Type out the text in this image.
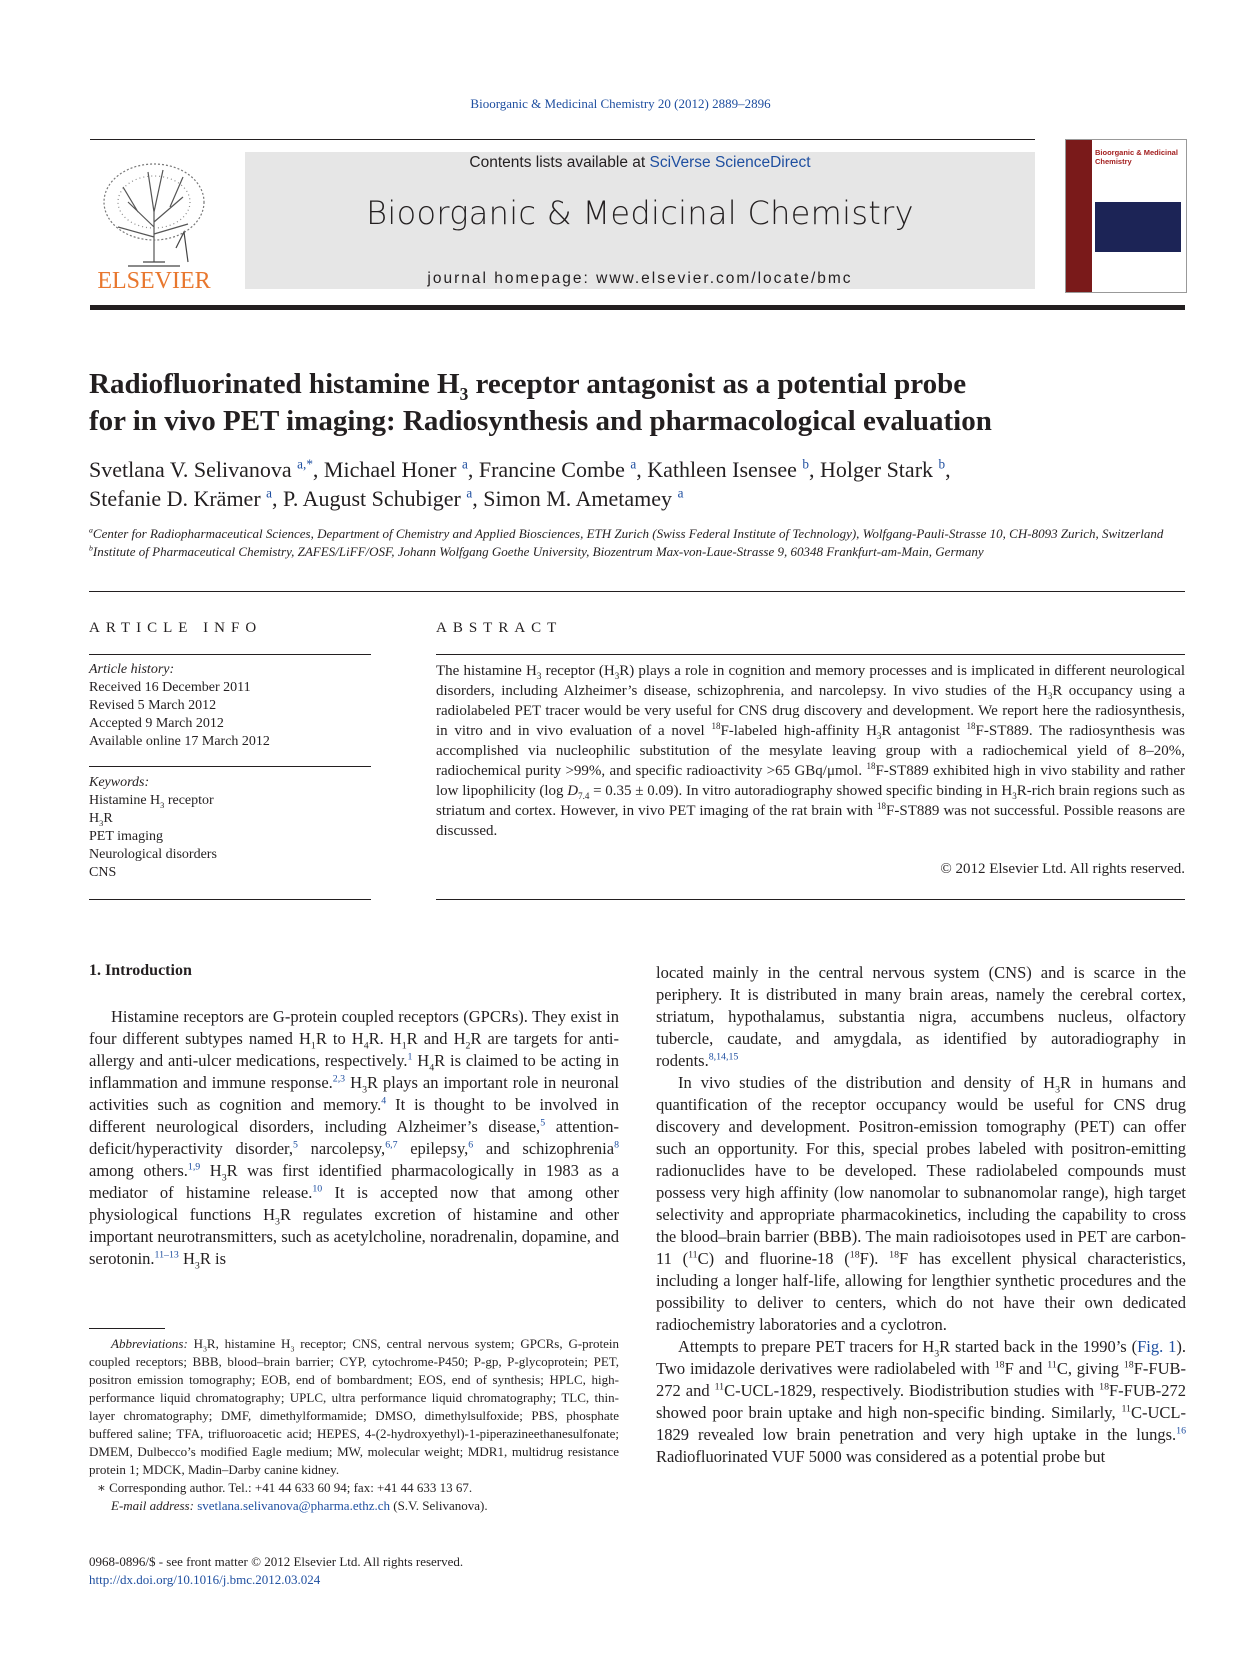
Bioorganic & Medicinal Chemistry 20 (2012) 2889–2896
ELSEVIER
Contents lists available at SciVerse ScienceDirect
Bioorganic & Medicinal Chemistry
journal homepage: www.elsevier.com/locate/bmc
Bioorganic & Medicinal Chemistry
Radiofluorinated histamine $H_3$ receptor antagonist as a potential probe
for in vivo PET imaging: Radiosynthesis and pharmacological evaluation
Svetlana V. Selivanova $^{a,*}$, Michael Honer $^a$, Francine Combe $^a$, Kathleen Isensee $^b$, Holger Stark $^b$,
Stefanie D. Krämer $^a$, P. August Schubiger $^a$, Simon M. Ametamey $^a$
$^a$Center for Radiopharmaceutical Sciences, Department of Chemistry and Applied Biosciences, ETH Zurich (Swiss Federal Institute of Technology), Wolfgang-Pauli-Strasse 10, CH-8093 Zurich, Switzerland
$^b$Institute of Pharmaceutical Chemistry, ZAFES/LiFF/OSF, Johann Wolfgang Goethe University, Biozentrum Max-von-Laue-Strasse 9, 60348 Frankfurt-am-Main, Germany
ARTICLE INFO	ABSTRACT
Article history:
Received 16 December 2011
Revised 5 March 2012
Accepted 9 March 2012
Available online 17 March 2012
Keywords:
Histamine $H_3$ receptor
$H_3R$
PET imaging
Neurological disorders
CNS
The histamine $H_3$ receptor $(H_3R)$ plays a role in cognition and memory processes and is implicated in different neurological disorders, including Alzheimer’s disease, schizophrenia, and narcolepsy. In vivo studies of the $H_3R$ occupancy using a radiolabeled PET tracer would be very useful for CNS drug discovery and development. We report here the radiosynthesis, in vitro and in vivo evaluation of a novel $^{18}$F-labeled high-affinity $H_3R$ antagonist $^{18}$F-ST889. The radiosynthesis was accomplished via nucleophilic substitution of the mesylate leaving group with a radiochemical yield of 8–20%, radiochemical purity >99%, and specific radioactivity >65 GBq/μmol. $^{18}$F-ST889 exhibited high in vivo stability and rather low lipophilicity (log $D_{7.4} = 0.35 \pm 0.09$). In vitro autoradiography showed specific binding in $H_3R$-rich brain regions such as striatum and cortex. However, in vivo PET imaging of the rat brain with $^{18}$F-ST889 was not successful. Possible reasons are discussed.
© 2012 Elsevier Ltd. All rights reserved.
1. Introduction

Histamine receptors are G-protein coupled receptors (GPCRs). They exist in four different subtypes named $H_1R$ to $H_4R$. $H_1R$ and $H_2R$ are targets for anti-allergy and anti-ulcer medications, respectively.$^1$ $H_4R$ is claimed to be acting in inflammation and immune response.$^{2,3}$ $H_3R$ plays an important role in neuronal activities such as cognition and memory.$^4$ It is thought to be involved in different neurological disorders, including Alzheimer’s disease,$^5$ attention-deficit/hyperactivity disorder,$^5$ narcolepsy,$^{6,7}$ epilepsy,$^6$ and schizophrenia$^8$ among others.$^{1,9}$ $H_3R$ was first identified pharmacologically in 1983 as a mediator of histamine release.$^{10}$ It is accepted now that among other physiological functions $H_3R$ regulates excretion of histamine and other important neurotransmitters, such as acetylcholine, noradrenalin, dopamine, and serotonin.$^{11-13}$ $H_3R$ is

located mainly in the central nervous system (CNS) and is scarce in the periphery. It is distributed in many brain areas, namely the cerebral cortex, striatum, hypothalamus, substantia nigra, accumbens nucleus, olfactory tubercle, caudate, and amygdala, as identified by autoradiography in rodents.$^{8,14,15}$

In vivo studies of the distribution and density of $H_3R$ in humans and quantification of the receptor occupancy would be useful for CNS drug discovery and development. Positron-emission tomography (PET) can offer such an opportunity. For this, special probes labeled with positron-emitting radionuclides have to be developed. These radiolabeled compounds must possess very high affinity (low nanomolar to subnanomolar range), high target selectivity and appropriate pharmacokinetics, including the capability to cross the blood–brain barrier (BBB). The main radioisotopes used in PET are carbon-11 ($^{11}$C) and fluorine-18 ($^{18}$F). $^{18}$F has excellent physical characteristics, including a longer half-life, allowing for lengthier synthetic procedures and the possibility to deliver to centers, which do not have their own dedicated radiochemistry laboratories and a cyclotron.

Attempts to prepare PET tracers for $H_3R$ started back in the 1990’s (Fig. 1). Two imidazole derivatives were radiolabeled with $^{18}$F and $^{11}$C, giving $^{18}$F-FUB-272 and $^{11}$C-UCL-1829, respectively. Biodistribution studies with $^{18}$F-FUB-272 showed poor brain uptake and high non-specific binding. Similarly, $^{11}$C-UCL-1829 revealed low brain penetration and very high uptake in the lungs.$^{16}$ Radiofluorinated VUF 5000 was considered as a potential probe but

Abbreviations: $H_3R$, histamine $H_3$ receptor; CNS, central nervous system; GPCRs, G-protein coupled receptors; BBB, blood–brain barrier; CYP, cytochrome-P450; P-gp, P-glycoprotein; PET, positron emission tomography; EOB, end of bombardment; EOS, end of synthesis; HPLC, high-performance liquid chromatography; UPLC, ultra performance liquid chromatography; TLC, thin-layer chromatography; DMF, dimethylformamide; DMSO, dimethylsulfoxide; PBS, phosphate buffered saline; TFA, trifluoroacetic acid; HEPES, 4-(2-hydroxyethyl)-1-piperazineethanesulfonate; DMEM, Dulbecco’s modified Eagle medium; MW, molecular weight; MDR1, multidrug resistance protein 1; MDCK, Madin–Darby canine kidney.
∗ Corresponding author. Tel.: +41 44 633 60 94; fax: +41 44 633 13 67.
E-mail address: svetlana.selivanova@pharma.ethz.ch (S.V. Selivanova).
0968-0896/$ - see front matter © 2012 Elsevier Ltd. All rights reserved.
http://dx.doi.org/10.1016/j.bmc.2012.03.024
